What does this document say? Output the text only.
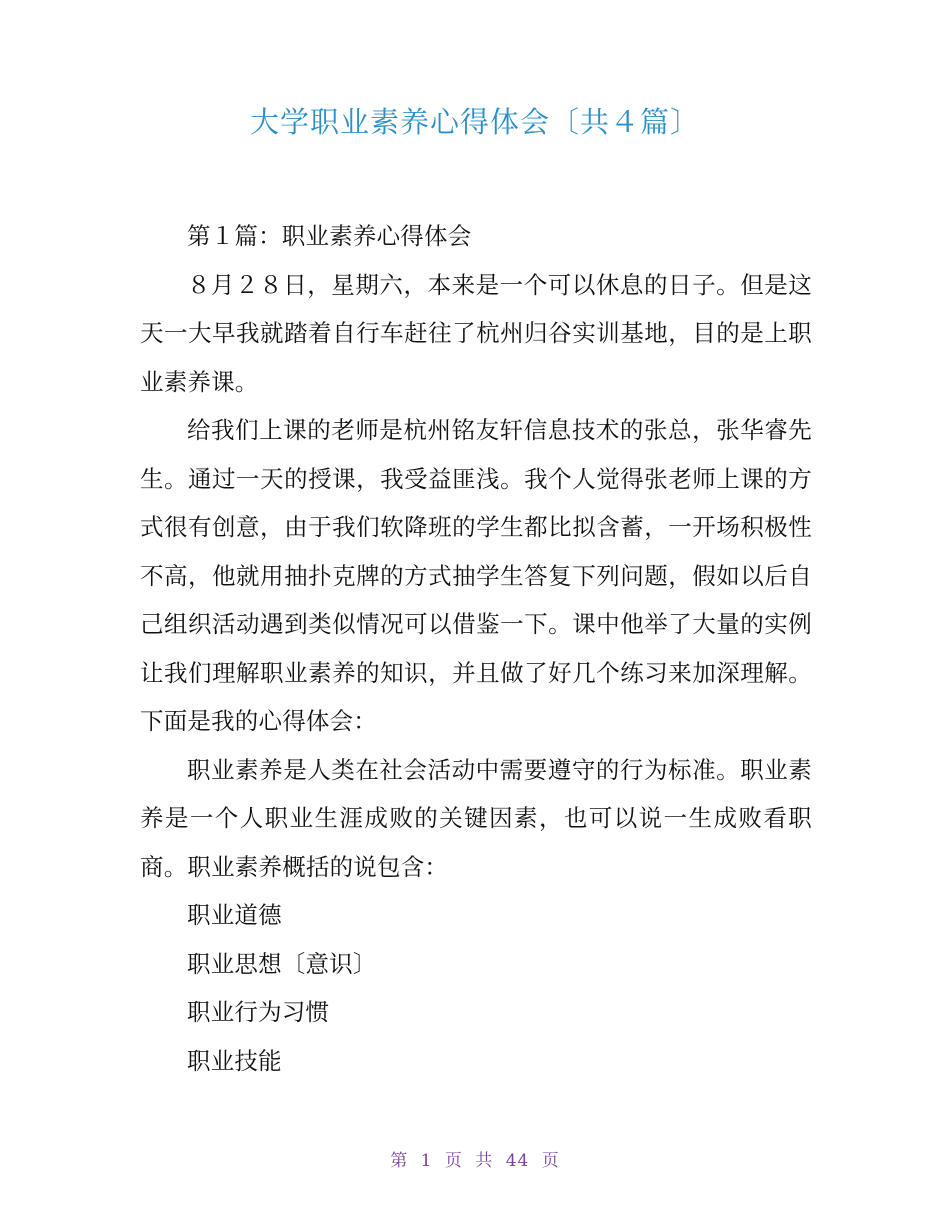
大学职业素养心得体会〔共４篇〕

第１篇：职业素养心得体会

８月２８日，星期六，本来是一个可以休息的日子。但是这天一大早我就踏着自行车赶往了杭州归谷实训基地，目的是上职业素养课。

给我们上课的老师是杭州铭友轩信息技术的张总，张华睿先生。通过一天的授课，我受益匪浅。我个人觉得张老师上课的方式很有创意，由于我们软降班的学生都比拟含蓄，一开场积极性不高，他就用抽扑克牌的方式抽学生答复下列问题，假如以后自己组织活动遇到类似情况可以借鉴一下。课中他举了大量的实例让我们理解职业素养的知识，并且做了好几个练习来加深理解。下面是我的心得体会：

职业素养是人类在社会活动中需要遵守的行为标准。职业素养是一个人职业生涯成败的关键因素，也可以说一生成败看职商。职业素养概括的说包含：

职业道德

职业思想〔意识〕

职业行为习惯

职业技能

第 1 页 共 44 页
